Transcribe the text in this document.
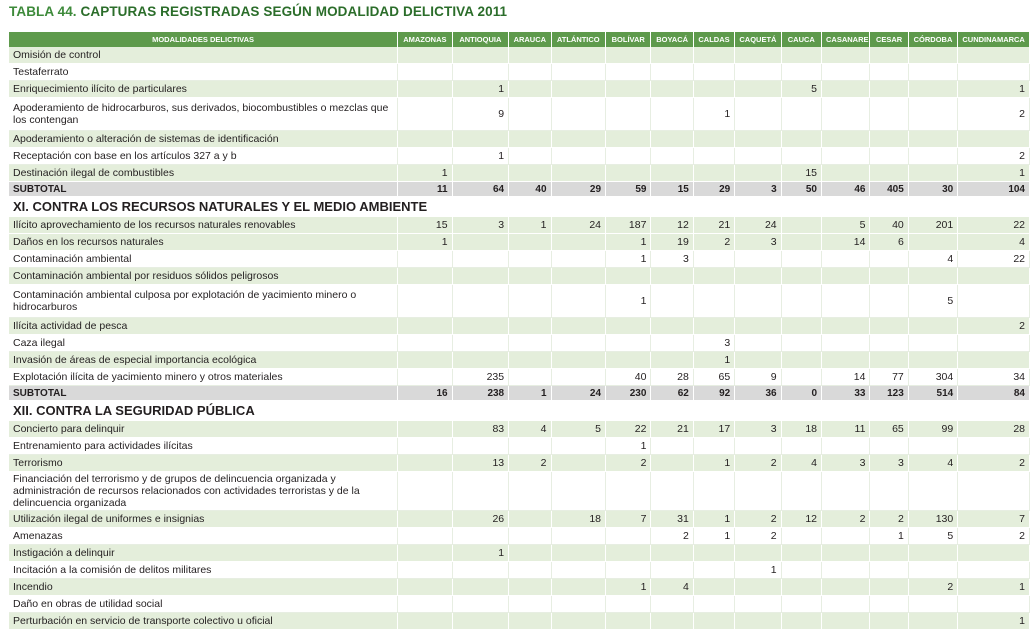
TABLA 44. CAPTURAS REGISTRADAS SEGÚN MODALIDAD DELICTIVA 2011
MODALIDADES DELICTIVAS	AMAZONAS	ANTIOQUIA	ARAUCA	ATLÁNTICO	BOLÍVAR	BOYACÁ	CALDAS	CAQUETÁ	CAUCA	CASANARE	CESAR	CÓRDOBA	CUNDINAMARCA
Omisión de control													
Testaferrato													
Enriquecimiento ilícito de particulares		1							5				1
Apoderamiento de hidrocarburos, sus derivados, biocombustibles o mezclas que los contengan		9					1						2
Apoderamiento o alteración de sistemas de identificación													
Receptación con base en los artículos 327 a y b		1											2
Destinación ilegal de combustibles	1								15				1
SUBTOTAL	11	64	40	29	59	15	29	3	50	46	405	30	104
XI. CONTRA LOS RECURSOS NATURALES Y EL MEDIO AMBIENTE													
Ilícito aprovechamiento de los recursos naturales renovables	15	3	1	24	187	12	21	24		5	40	201	22
Daños en los recursos naturales	1				1	19	2	3		14	6		4
Contaminación ambiental					1	3						4	22
Contaminación ambiental por residuos sólidos peligrosos													
Contaminación ambiental culposa por explotación de yacimiento minero o hidrocarburos					1							5	
Ilícita actividad de pesca													2
Caza ilegal							3						
Invasión de áreas de especial importancia ecológica							1						
Explotación ilícita de yacimiento minero y otros materiales		235			40	28	65	9		14	77	304	34
SUBTOTAL	16	238	1	24	230	62	92	36	0	33	123	514	84
XII. CONTRA LA SEGURIDAD PÚBLICA													
Concierto para delinquir		83	4	5	22	21	17	3	18	11	65	99	28
Entrenamiento para actividades ilícitas					1								
Terrorismo		13	2		2		1	2	4	3	3	4	2
Financiación del terrorismo y de grupos de delincuencia organizada y administración de recursos relacionados con actividades terroristas y de la delincuencia organizada													
Utilización ilegal de uniformes e insignias		26		18	7	31	1	2	12	2	2	130	7
Amenazas						2	1	2			1	5	2
Instigación a delinquir		1											
Incitación a la comisión de delitos militares								1					
Incendio					1	4						2	1
Daño en obras de utilidad social													
Perturbación en servicio de transporte colectivo u oficial													1
